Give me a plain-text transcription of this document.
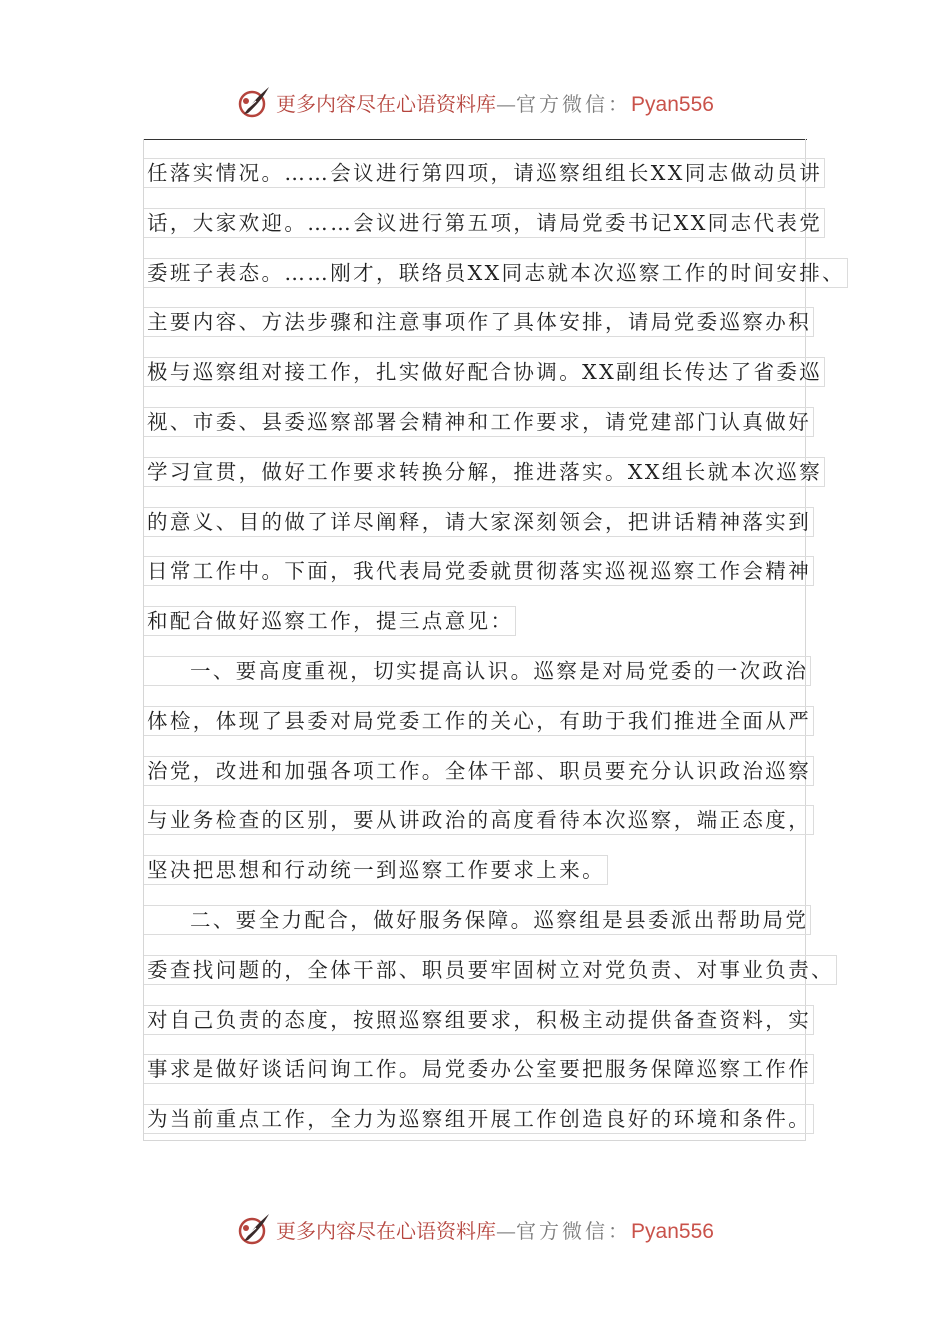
更多内容尽在心语资料库—官方微信：Pyan556
任落实情况。……会议进行第四项，请巡察组组长XX同志做动员讲
话，大家欢迎。……会议进行第五项，请局党委书记XX同志代表党
委班子表态。……刚才，联络员XX同志就本次巡察工作的时间安排、
主要内容、方法步骤和注意事项作了具体安排，请局党委巡察办积
极与巡察组对接工作，扎实做好配合协调。XX副组长传达了省委巡
视、市委、县委巡察部署会精神和工作要求，请党建部门认真做好
学习宣贯，做好工作要求转换分解，推进落实。XX组长就本次巡察
的意义、目的做了详尽阐释，请大家深刻领会，把讲话精神落实到
日常工作中。下面，我代表局党委就贯彻落实巡视巡察工作会精神
和配合做好巡察工作，提三点意见：
一、要高度重视，切实提高认识。巡察是对局党委的一次政治
体检，体现了县委对局党委工作的关心，有助于我们推进全面从严
治党，改进和加强各项工作。全体干部、职员要充分认识政治巡察
与业务检查的区别，要从讲政治的高度看待本次巡察，端正态度，
坚决把思想和行动统一到巡察工作要求上来。
二、要全力配合，做好服务保障。巡察组是县委派出帮助局党
委查找问题的，全体干部、职员要牢固树立对党负责、对事业负责、
对自己负责的态度，按照巡察组要求，积极主动提供备查资料，实
事求是做好谈话问询工作。局党委办公室要把服务保障巡察工作作
为当前重点工作，全力为巡察组开展工作创造良好的环境和条件。
更多内容尽在心语资料库—官方微信：Pyan556
